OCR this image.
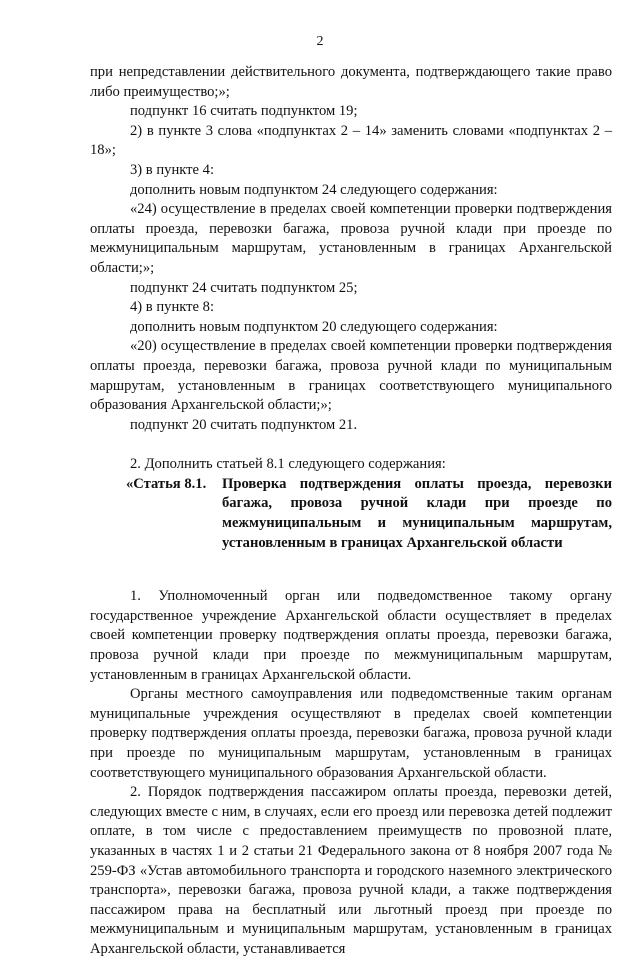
2

при непредставлении действительного документа, подтверждающего такие право либо преимущество;»;

подпункт 16 считать подпунктом 19;

2) в пункте 3 слова «подпунктах 2 – 14» заменить словами «подпунктах 2 – 18»;

3) в пункте 4:

дополнить новым подпунктом 24 следующего содержания:

«24) осуществление в пределах своей компетенции проверки подтверждения оплаты проезда, перевозки багажа, провоза ручной клади при проезде по межмуниципальным маршрутам, установленным в границах Архангельской области;»;

подпункт 24 считать подпунктом 25;

4) в пункте 8:

дополнить новым подпунктом 20 следующего содержания:

«20) осуществление в пределах своей компетенции проверки подтверждения оплаты проезда, перевозки багажа, провоза ручной клади по муниципальным маршрутам, установленным в границах соответствующего муниципального образования Архангельской области;»;

подпункт 20 считать подпунктом 21.

2. Дополнить статьей 8.1 следующего содержания:

«Статья 8.1.	Проверка подтверждения оплаты проезда, перевозки багажа, провоза ручной клади при проезде по межмуниципальным и муниципальным маршрутам, установленным в границах Архангельской области

1. Уполномоченный орган или подведомственное такому органу государственное учреждение Архангельской области осуществляет в пределах своей компетенции проверку подтверждения оплаты проезда, перевозки багажа, провоза ручной клади при проезде по межмуниципальным маршрутам, установленным в границах Архангельской области.

Органы местного самоуправления или подведомственные таким органам муниципальные учреждения осуществляют в пределах своей компетенции проверку подтверждения оплаты проезда, перевозки багажа, провоза ручной клади при проезде по муниципальным маршрутам, установленным в границах соответствующего муниципального образования Архангельской области.

2. Порядок подтверждения пассажиром оплаты проезда, перевозки детей, следующих вместе с ним, в случаях, если его проезд или перевозка детей подлежит оплате, в том числе с предоставлением преимуществ по провозной плате, указанных в частях 1 и 2 статьи 21 Федерального закона от 8 ноября 2007 года № 259-ФЗ «Устав автомобильного транспорта и городского наземного электрического транспорта», перевозки багажа, провоза ручной клади, а также подтверждения пассажиром права на бесплатный или льготный проезд при проезде по межмуниципальным и муниципальным маршрутам, установленным в границах Архангельской области, устанавливается
